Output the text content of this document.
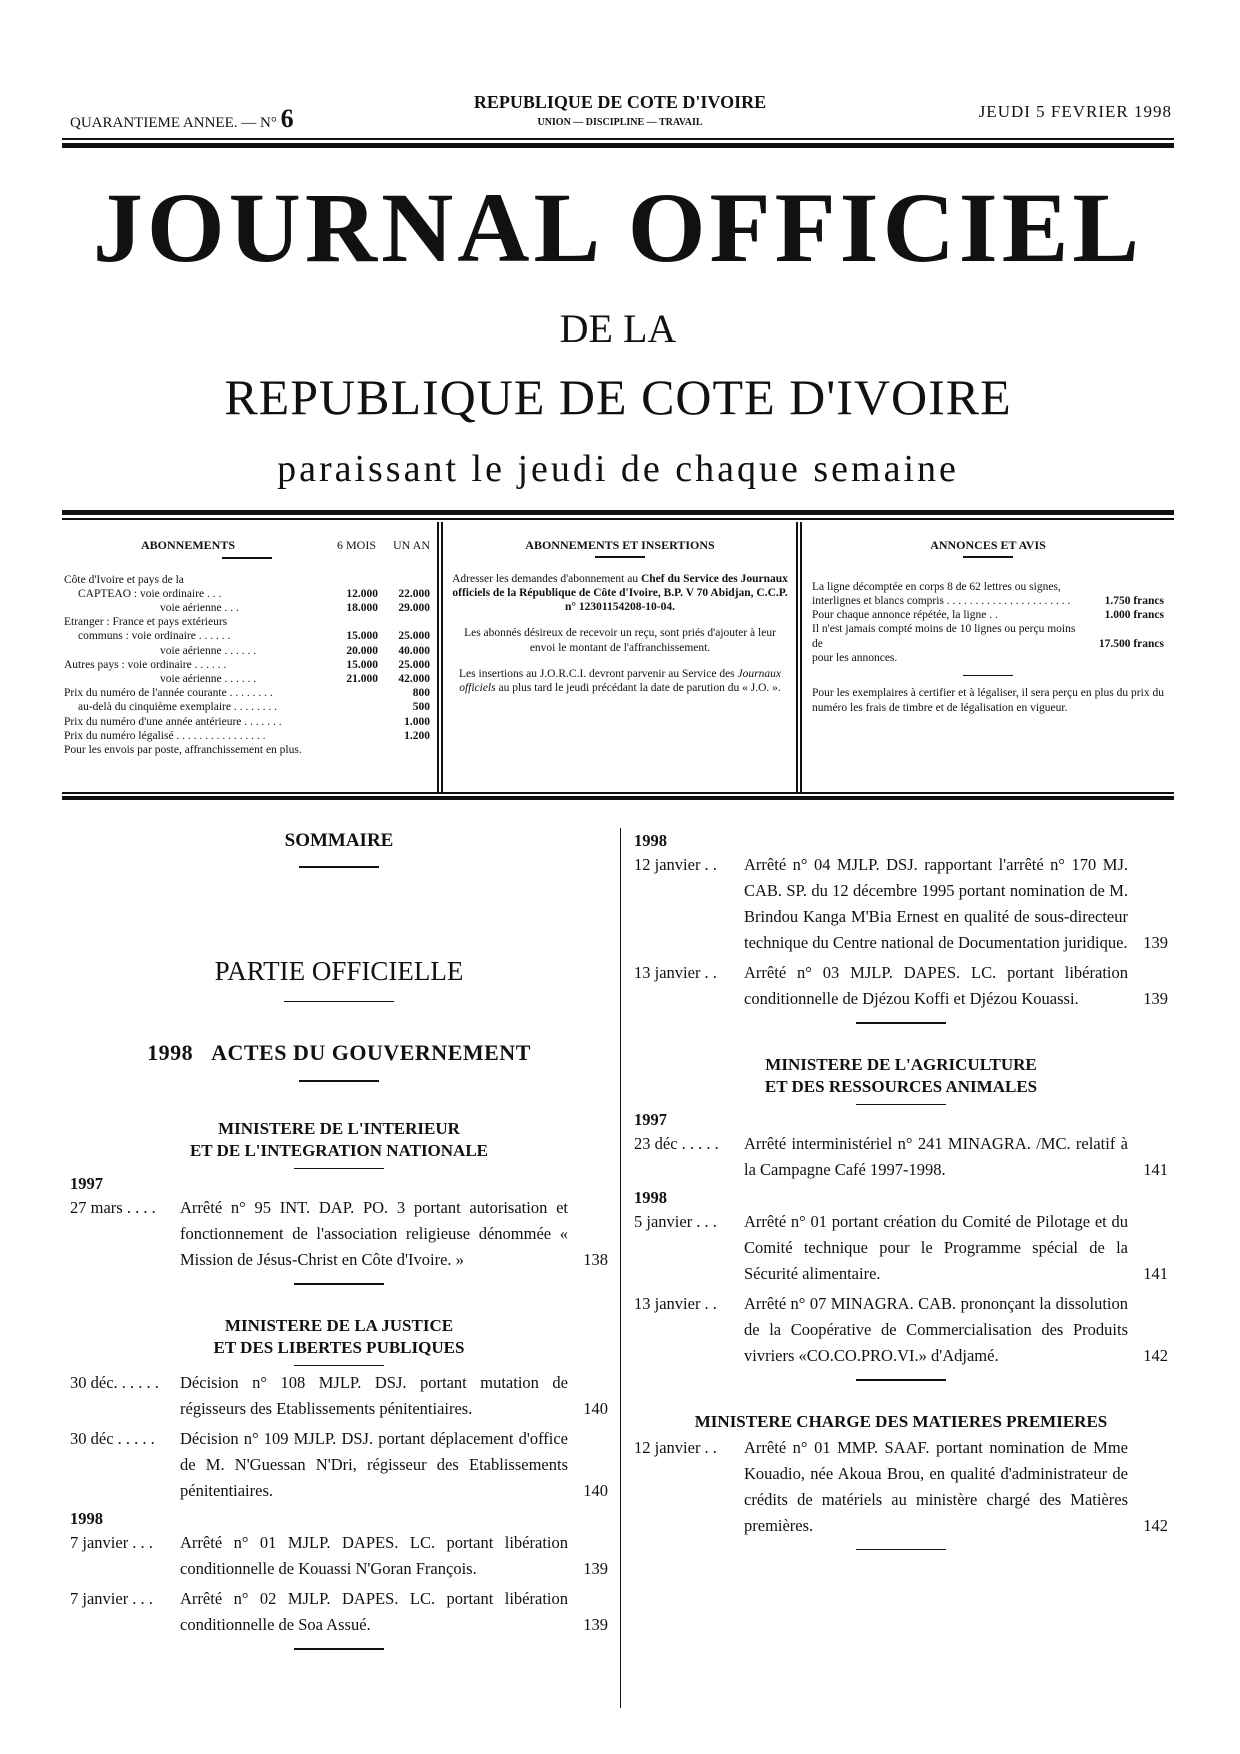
QUARANTIEME ANNEE. — N° 6
REPUBLIQUE DE COTE D'IVOIRE
UNION — DISCIPLINE — TRAVAIL
JEUDI 5 FEVRIER 1998
JOURNAL OFFICIEL
DE LA
REPUBLIQUE DE COTE D'IVOIRE
paraissant le jeudi de chaque semaine
ABONNEMENTS	6 MOIS	UN AN
Côte d'Ivoire et pays de la
CAPTEAO : voie ordinaire . . .	12.000	22.000
voie aérienne . . .	18.000	29.000
Etranger : France et pays extérieurs
communs : voie ordinaire . . . . . .	15.000	25.000
voie aérienne . . . . . .	20.000	40.000
Autres pays : voie ordinaire . . . . . .	15.000	25.000
voie aérienne . . . . . .	21.000	42.000
Prix du numéro de l'année courante . . . . . . . .	800
au-delà du cinquième exemplaire . . . . . . . .	500
Prix du numéro d'une année antérieure . . . . . . .	1.000
Prix du numéro légalisé . . . . . . . . . . . . . . . .	1.200
Pour les envois par poste, affranchissement en plus.
ABONNEMENTS ET INSERTIONS
Adresser les demandes d'abonnement au Chef du Service des Journaux officiels de la République de Côte d'Ivoire, B.P. V 70 Abidjan, C.C.P. n° 12301154208-10-04.
Les abonnés désireux de recevoir un reçu, sont priés d'ajouter à leur envoi le montant de l'affranchissement.
Les insertions au J.O.R.C.I. devront parvenir au Service des Journaux officiels au plus tard le jeudi précédant la date de parution du « J.O. ».
ANNONCES ET AVIS
La ligne décomptée en corps 8 de 62 lettres ou signes, interlignes et blancs compris . . . . . . . . . . . . . . . . . . . . . .	1.750 francs
Pour chaque annonce répétée, la ligne . .	1.000 francs
Il n'est jamais compté moins de 10 lignes ou perçu moins de	17.500 francs
pour les annonces.
Pour les exemplaires à certifier et à légaliser, il sera perçu en plus du prix du numéro les frais de timbre et de légalisation en vigueur.
SOMMAIRE
PARTIE OFFICIELLE
1998 ACTES DU GOUVERNEMENT
MINISTERE DE L'INTERIEUR
ET DE L'INTEGRATION NATIONALE
1997
27 mars . . . .	Arrêté n° 95 INT. DAP. PO. 3 portant autorisation et fonctionnement de l'association religieuse dénommée « Mission de Jésus-Christ en Côte d'Ivoire. »	138
MINISTERE DE LA JUSTICE
ET DES LIBERTES PUBLIQUES
30 déc. . . . . .	Décision n° 108 MJLP. DSJ. portant mutation de régisseurs des Etablissements pénitentiaires.	140
30 déc . . . . .	Décision n° 109 MJLP. DSJ. portant déplacement d'office de M. N'Guessan N'Dri, régisseur des Etablissements pénitentiaires.	140
1998
7 janvier . . .	Arrêté n° 01 MJLP. DAPES. LC. portant libération conditionnelle de Kouassi N'Goran François.	139
7 janvier . . .	Arrêté n° 02 MJLP. DAPES. LC. portant libération conditionnelle de Soa Assué.	139
1998
12 janvier . .	Arrêté n° 04 MJLP. DSJ. rapportant l'arrêté n° 170 MJ. CAB. SP. du 12 décembre 1995 portant nomination de M. Brindou Kanga M'Bia Ernest en qualité de sous-directeur technique du Centre national de Documentation juridique. 139
13 janvier . .	Arrêté n° 03 MJLP. DAPES. LC. portant libération conditionnelle de Djézou Koffi et Djézou Kouassi.	139
MINISTERE DE L'AGRICULTURE
ET DES RESSOURCES ANIMALES
1997
23 déc . . . . .	Arrêté interministériel n° 241 MINAGRA. /MC. relatif à la Campagne Café 1997-1998.	141
1998
5 janvier . . .	Arrêté n° 01 portant création du Comité de Pilotage et du Comité technique pour le Programme spécial de la Sécurité alimentaire.	141
13 janvier . .	Arrêté n° 07 MINAGRA. CAB. prononçant la dissolution de la Coopérative de Commercialisation des Produits vivriers «CO.CO.PRO.VI.» d'Adjamé.	142
MINISTERE CHARGE DES MATIERES PREMIERES
12 janvier . .	Arrêté n° 01 MMP. SAAF. portant nomination de Mme Kouadio, née Akoua Brou, en qualité d'administrateur de crédits de matériels au ministère chargé des Matières premières.	142
